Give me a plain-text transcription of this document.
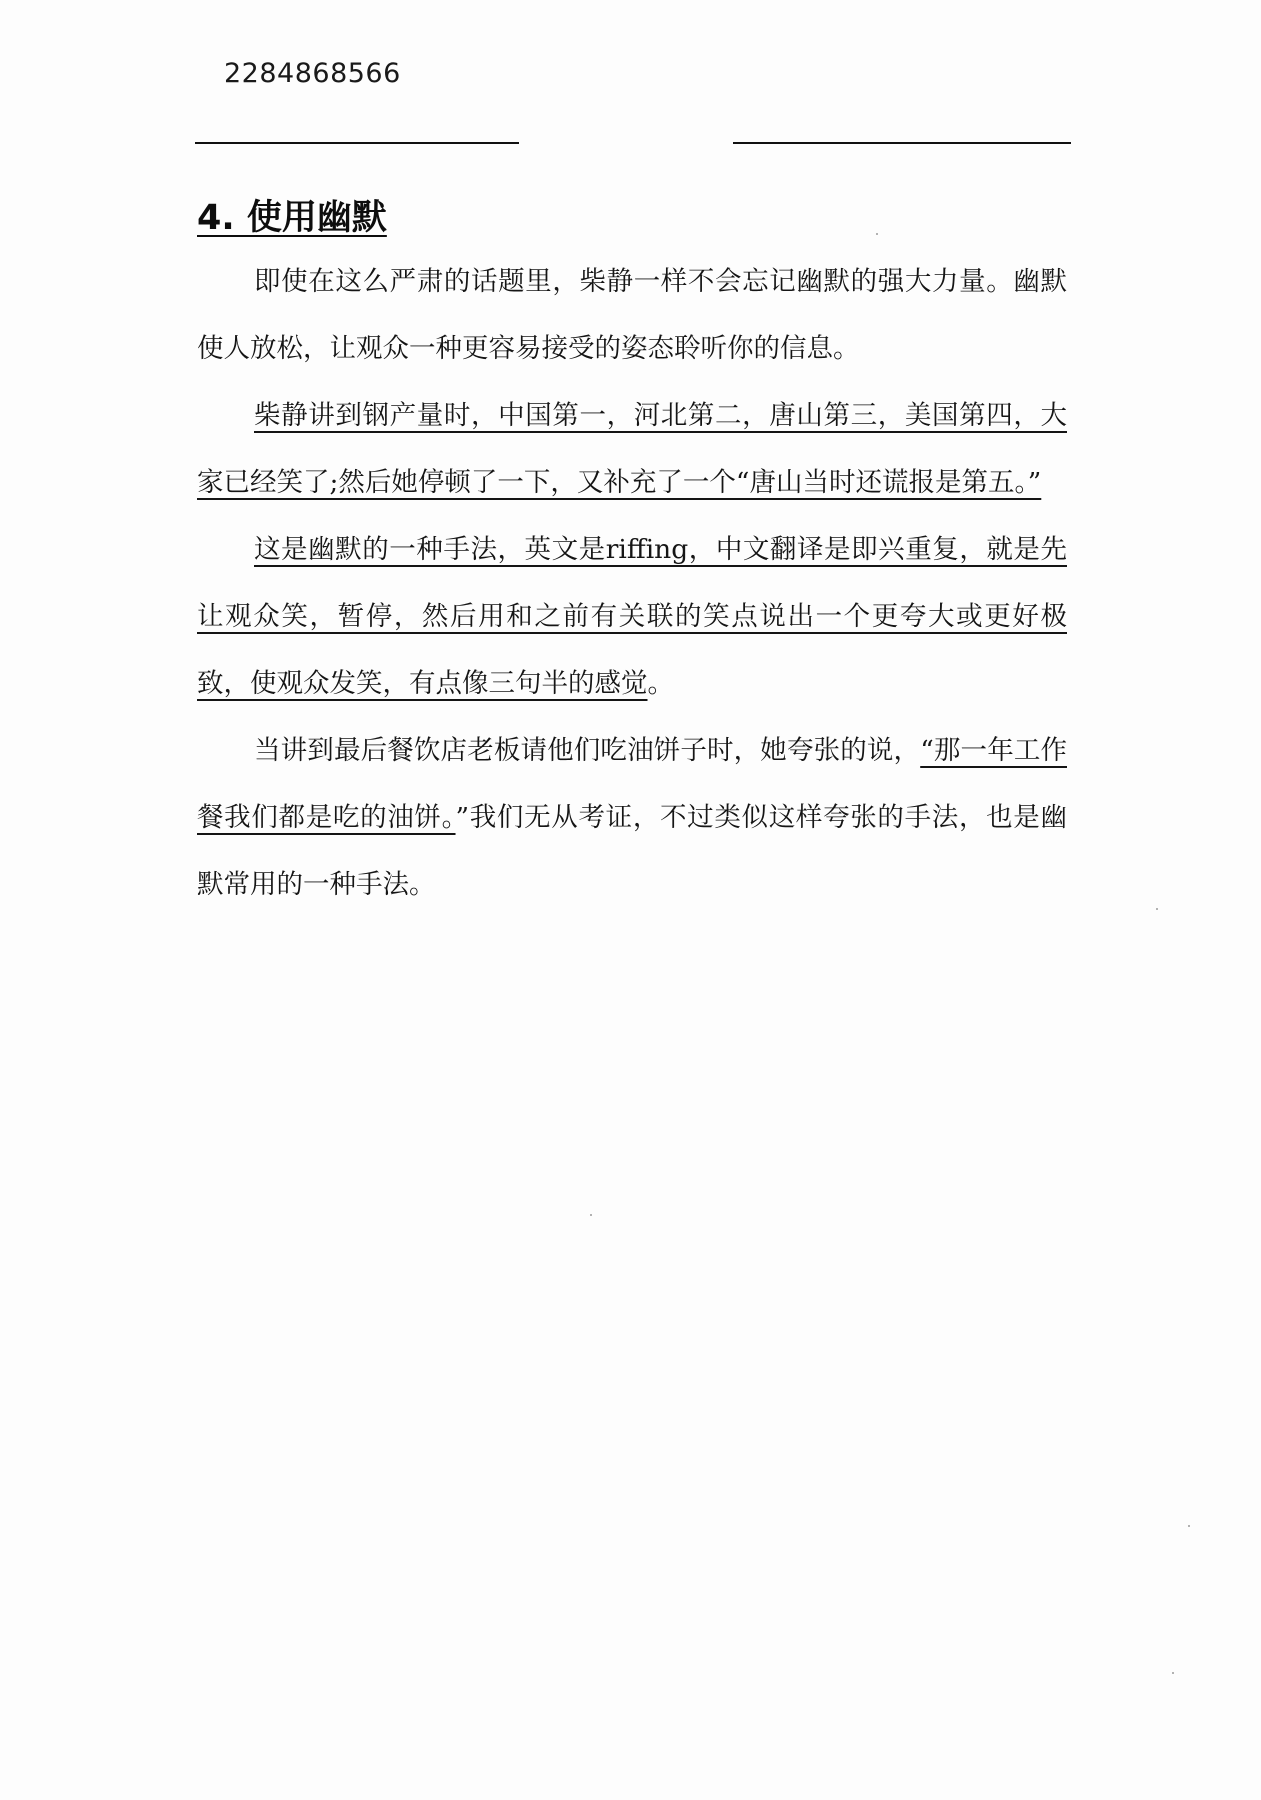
2284868566
4. 使用幽默

即使在这么严肃的话题里，柴静一样不会忘记幽默的强大力量。幽默使人放松，让观众一种更容易接受的姿态聆听你的信息。

柴静讲到钢产量时，中国第一，河北第二，唐山第三，美国第四，大家已经笑了;然后她停顿了一下，又补充了一个“唐山当时还谎报是第五。”

这是幽默的一种手法，英文是riffing，中文翻译是即兴重复，就是先让观众笑，暂停，然后用和之前有关联的笑点说出一个更夸大或更好极致，使观众发笑，有点像三句半的感觉。

当讲到最后餐饮店老板请他们吃油饼子时，她夸张的说，“那一年工作餐我们都是吃的油饼。”我们无从考证，不过类似这样夸张的手法，也是幽默常用的一种手法。
